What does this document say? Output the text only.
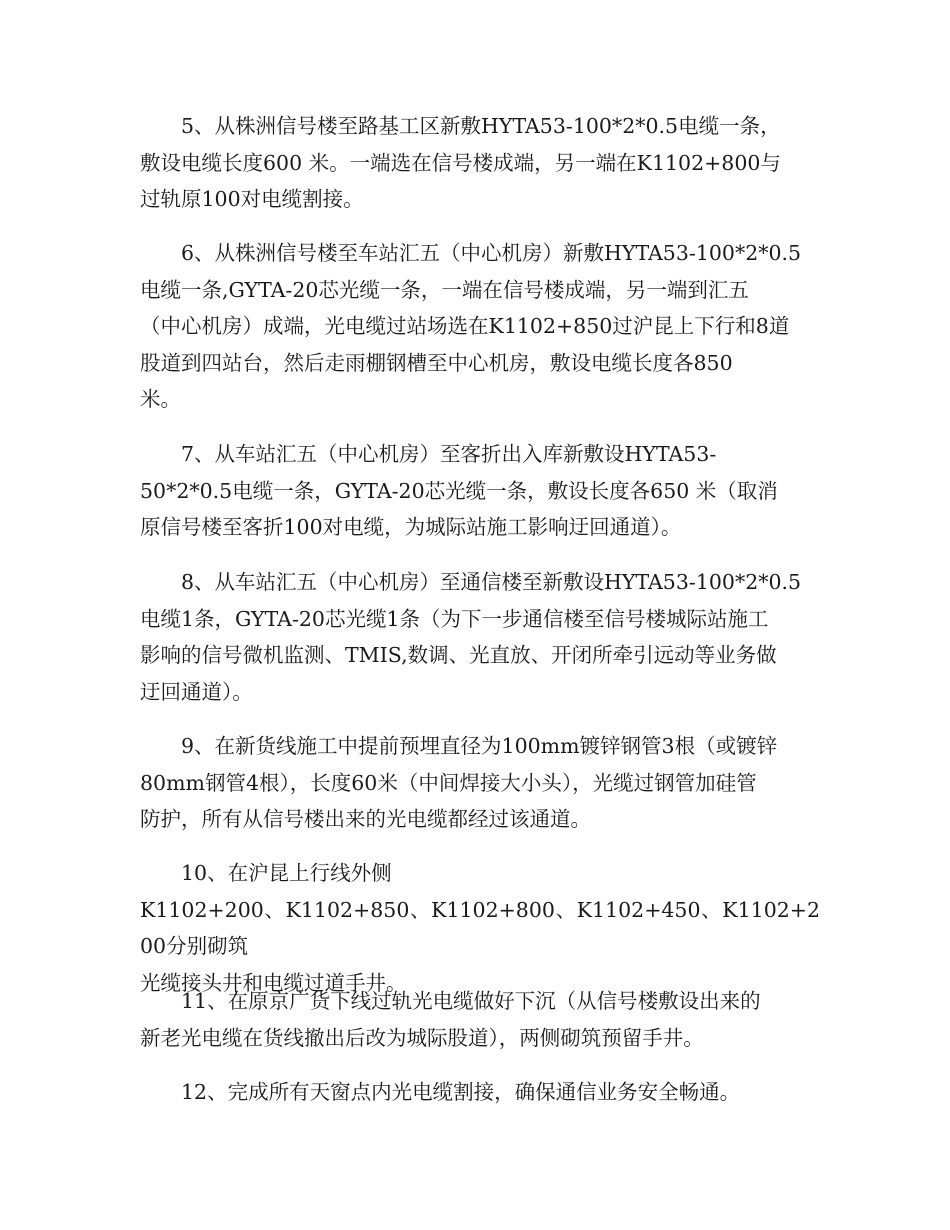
5、从株洲信号楼至路基工区新敷HYTA53-100*2*0.5电缆一条，
敷设电缆长度600 米。一端选在信号楼成端，另一端在K1102+800与
过轨原100对电缆割接。

6、从株洲信号楼至车站汇五（中心机房）新敷HYTA53-100*2*0.5
电缆一条,GYTA-20芯光缆一条，一端在信号楼成端，另一端到汇五
（中心机房）成端，光电缆过站场选在K1102+850过沪昆上下行和8道
股道到四站台，然后走雨棚钢槽至中心机房，敷设电缆长度各850
米。

7、从车站汇五（中心机房）至客折出入库新敷设HYTA53-
50*2*0.5电缆一条，GYTA-20芯光缆一条，敷设长度各650 米（取消
原信号楼至客折100对电缆，为城际站施工影响迂回通道）。

8、从车站汇五（中心机房）至通信楼至新敷设HYTA53-100*2*0.5
电缆1条，GYTA-20芯光缆1条（为下一步通信楼至信号楼城际站施工
影响的信号微机监测、TMIS,数调、光直放、开闭所牵引远动等业务做
迂回通道）。

9、在新货线施工中提前预埋直径为100mm镀锌钢管3根（或镀锌
80mm钢管4根），长度60米（中间焊接大小头），光缆过钢管加硅管
防护，所有从信号楼出来的光电缆都经过该通道。

10、在沪昆上行线外侧
K1102+200、K1102+850、K1102+800、K1102+450、K1102+200分别砌筑
光缆接头井和电缆过道手井。

11、在原京广货下线过轨光电缆做好下沉（从信号楼敷设出来的
新老光电缆在货线撤出后改为城际股道），两侧砌筑预留手井。

12、完成所有天窗点内光电缆割接，确保通信业务安全畅通。
